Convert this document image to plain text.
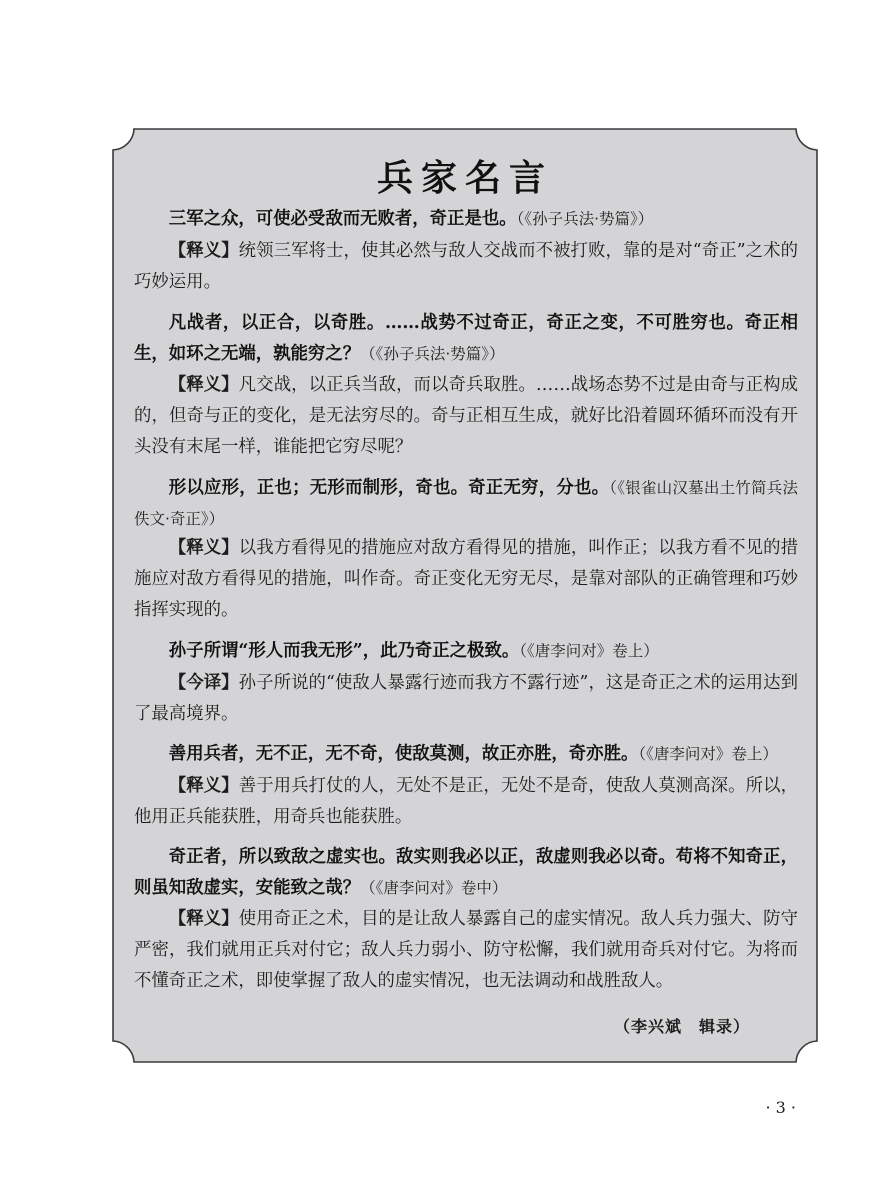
兵家名言

三军之众，可使必受敌而无败者，奇正是也。（《孙子兵法·势篇》）

【释义】统领三军将士，使其必然与敌人交战而不被打败，靠的是对“奇正”之术的巧妙运用。

凡战者，以正合，以奇胜。……战势不过奇正，奇正之变，不可胜穷也。奇正相生，如环之无端，孰能穷之？（《孙子兵法·势篇》）

【释义】凡交战，以正兵当敌，而以奇兵取胜。……战场态势不过是由奇与正构成的，但奇与正的变化，是无法穷尽的。奇与正相互生成，就好比沿着圆环循环而没有开头没有末尾一样，谁能把它穷尽呢？

形以应形，正也；无形而制形，奇也。奇正无穷，分也。（《银雀山汉墓出土竹简兵法佚文·奇正》）

【释义】以我方看得见的措施应对敌方看得见的措施，叫作正；以我方看不见的措施应对敌方看得见的措施，叫作奇。奇正变化无穷无尽，是靠对部队的正确管理和巧妙指挥实现的。

孙子所谓“形人而我无形”，此乃奇正之极致。（《唐李问对》卷上）

【今译】孙子所说的“使敌人暴露行迹而我方不露行迹”，这是奇正之术的运用达到了最高境界。

善用兵者，无不正，无不奇，使敌莫测，故正亦胜，奇亦胜。（《唐李问对》卷上）

【释义】善于用兵打仗的人，无处不是正，无处不是奇，使敌人莫测高深。所以，他用正兵能获胜，用奇兵也能获胜。

奇正者，所以致敌之虚实也。敌实则我必以正，敌虚则我必以奇。苟将不知奇正，则虽知敌虚实，安能致之哉？（《唐李问对》卷中）

【释义】使用奇正之术，目的是让敌人暴露自己的虚实情况。敌人兵力强大、防守严密，我们就用正兵对付它；敌人兵力弱小、防守松懈，我们就用奇兵对付它。为将而不懂奇正之术，即使掌握了敌人的虚实情况，也无法调动和战胜敌人。

（李兴斌　辑录）
· 3 ·
